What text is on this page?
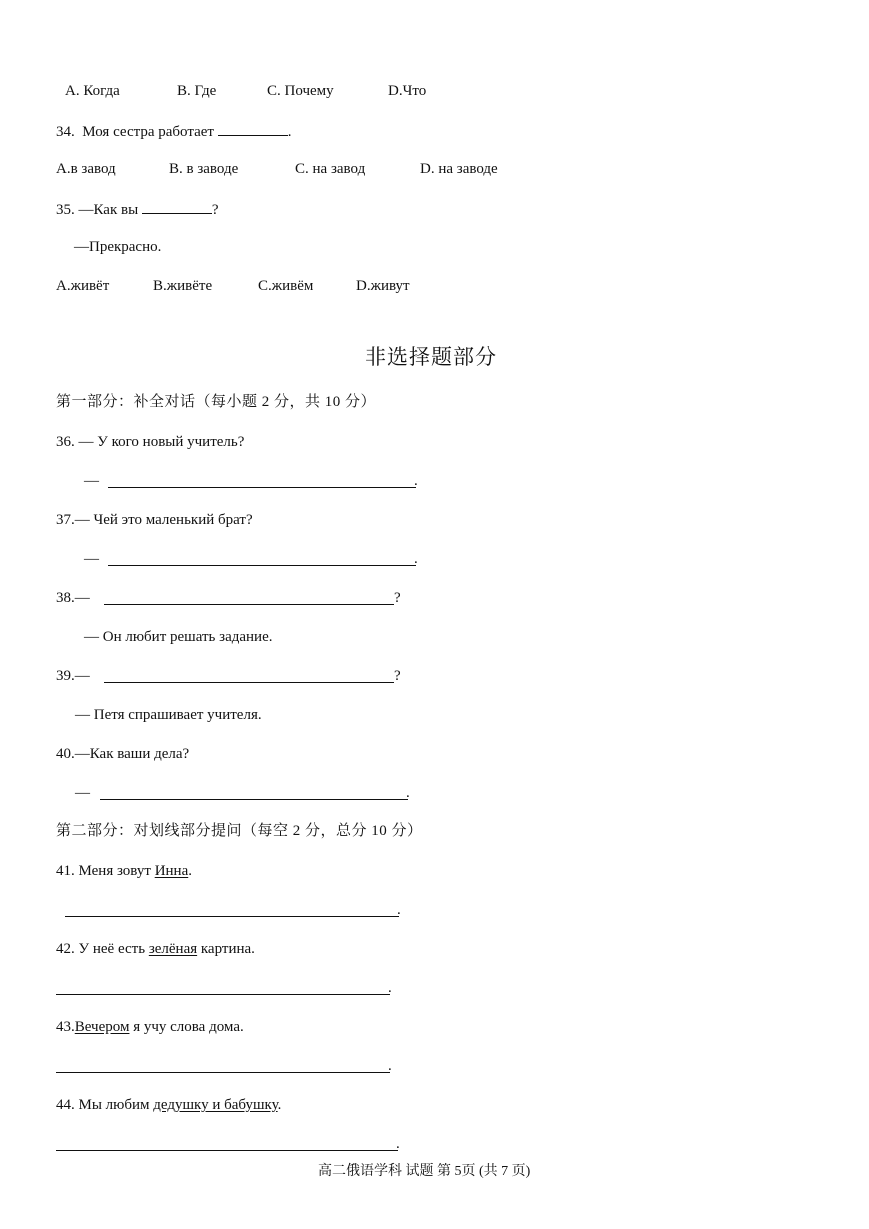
A. Когда	B. Где	C. Почему	D.Что
34. Моя сестра работает	.
A.в завод	B. в заводе	C. на завод	D. на заводе
35. —Как вы	?
—Прекрасно.
A.живёт	B.живёте	C.живём	D.живут
非选择题部分
第一部分：补全对话（每小题 2 分，共 10 分）
36. — У кого новый учитель?
—	.
37.— Чей это маленький брат?
—	.
38.—	?
— Он любит решать задание.
39.—	?
— Петя спрашивает учителя.
40.—Как ваши дела?
—	.
第二部分：对划线部分提问（每空 2 分，总分 10 分）
41. Меня зовут Инна.
.
42. У неё есть зелёная картина.
.
43.Вечером я учу слова дома.
.
44. Мы любим дедушку и бабушку.
.
高二俄语学科 试题 第 5页 (共 7 页)
